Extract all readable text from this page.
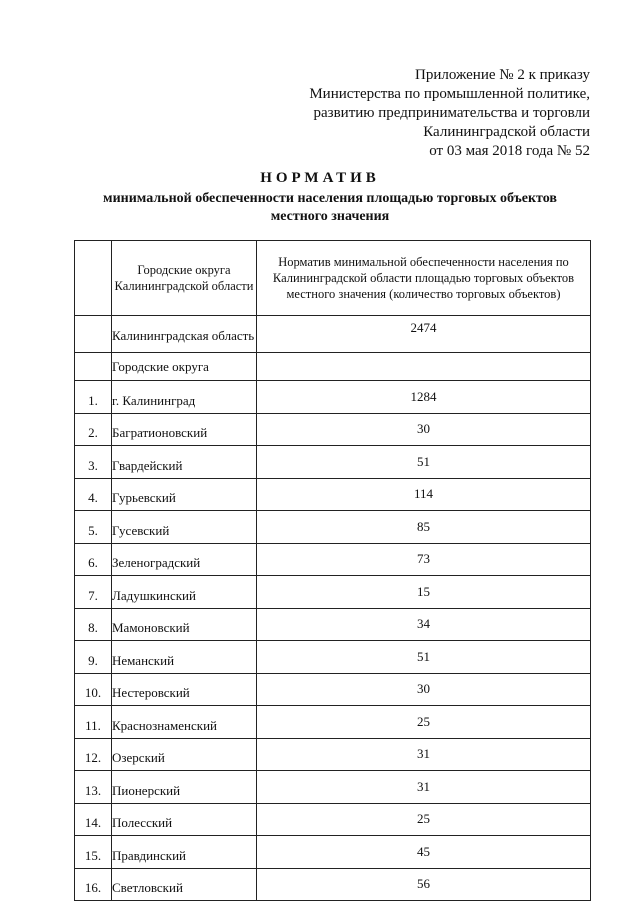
Приложение № 2 к приказу
Министерства по промышленной политике,
развитию предпринимательства и торговли
Калининградской области
от 03 мая 2018 года № 52
НОРМАТИВ
минимальной обеспеченности населения площадью торговых объектов
местного значения
	Городские округа Калининградской области	Норматив минимальной обеспеченности населения по Калининградской области площадью торговых объектов местного значения (количество торговых объектов)
	Калининградская область	2474
	Городские округа	
1.	г. Калининград	1284
2.	Багратионовский	30
3.	Гвардейский	51
4.	Гурьевский	114
5.	Гусевский	85
6.	Зеленоградский	73
7.	Ладушкинский	15
8.	Мамоновский	34
9.	Неманский	51
10.	Нестеровский	30
11.	Краснознаменский	25
12.	Озерский	31
13.	Пионерский	31
14.	Полесский	25
15.	Правдинский	45
16.	Светловский	56
